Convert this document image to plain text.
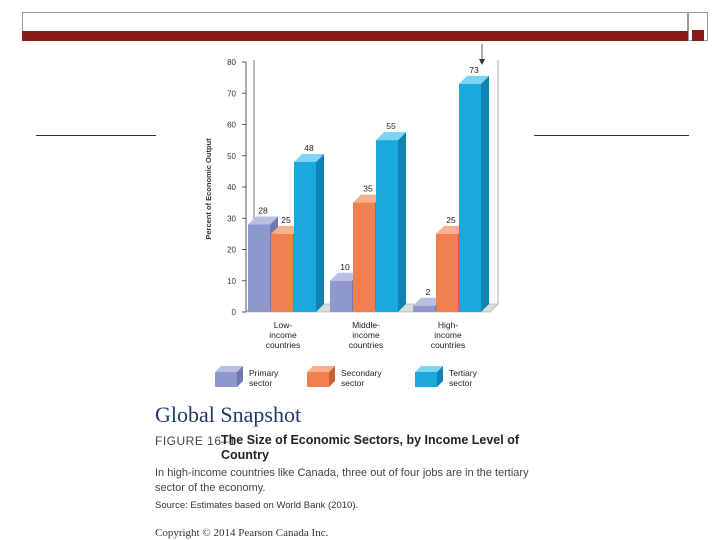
0
10
20
30
40
50
60
70
80
Percent of Economic Output	28
10
2
25
35
25
48
55
73
Low-income countries
Middle-income countries
High-income countries
Primary sector
Secondary sector
Tertiary sector
Global Snapshot
FIGURE 16–1
The Size of Economic Sectors, by Income Level of Country
In high-income countries like Canada, three out of four jobs are in the tertiary sector of the economy.
Source: Estimates based on World Bank (2010).
Copyright © 2014 Pearson Canada Inc.
